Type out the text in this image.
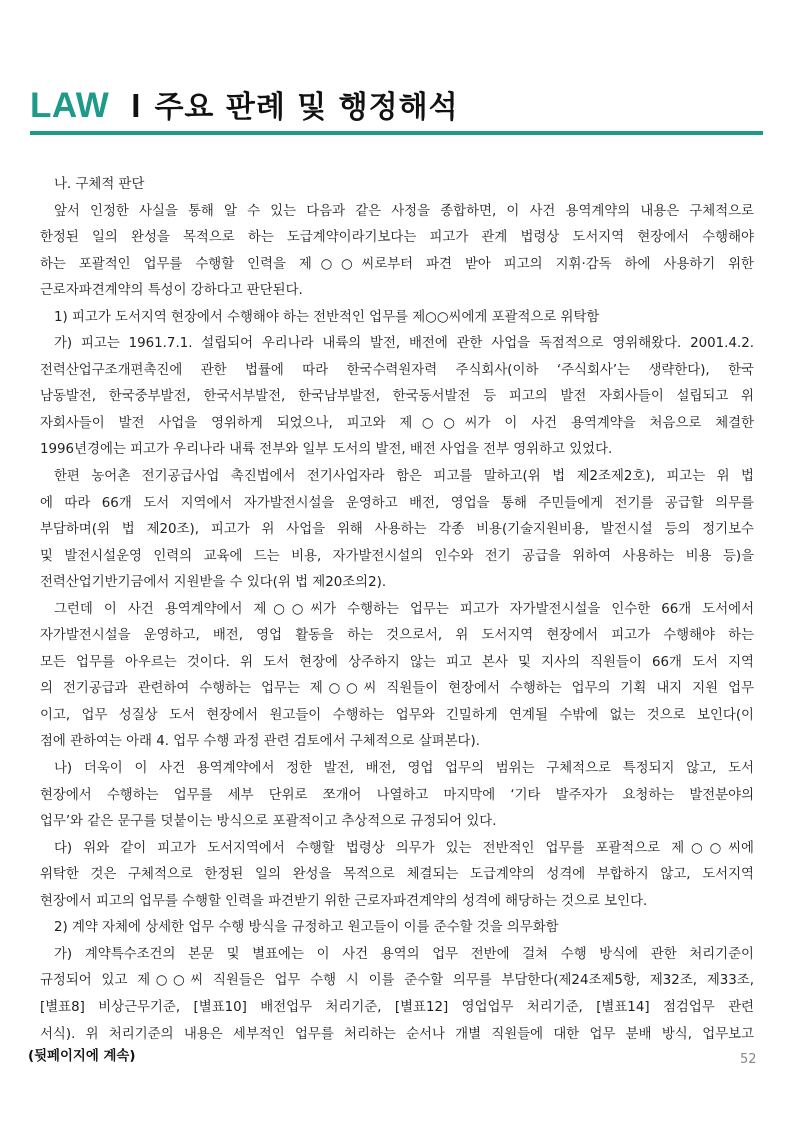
LAW I 주요 판례 및 행정해석
나. 구체적 판단
앞서 인정한 사실을 통해 알 수 있는 다음과 같은 사정을 종합하면, 이 사건 용역계약의 내용은 구체적으로
한정된 일의 완성을 목적으로 하는 도급계약이라기보다는 피고가 관계 법령상 도서지역 현장에서 수행해야
하는 포괄적인 업무를 수행할 인력을 제○○씨로부터 파견 받아 피고의 지휘·감독 하에 사용하기 위한
근로자파견계약의 특성이 강하다고 판단된다.
1) 피고가 도서지역 현장에서 수행해야 하는 전반적인 업무를 제○○씨에게 포괄적으로 위탁함
가) 피고는 1961.7.1. 설립되어 우리나라 내륙의 발전, 배전에 관한 사업을 독점적으로 영위해왔다. 2001.4.2.
전력산업구조개편촉진에 관한 법률에 따라 한국수력원자력 주식회사(이하 ‘주식회사’는 생략한다), 한국
남동발전, 한국중부발전, 한국서부발전, 한국남부발전, 한국동서발전 등 피고의 발전 자회사들이 설립되고 위
자회사들이 발전 사업을 영위하게 되었으나, 피고와 제○○씨가 이 사건 용역계약을 처음으로 체결한
1996년경에는 피고가 우리나라 내륙 전부와 일부 도서의 발전, 배전 사업을 전부 영위하고 있었다.
한편 농어촌 전기공급사업 촉진법에서 전기사업자라 함은 피고를 말하고(위 법 제2조제2호), 피고는 위 법
에 따라 66개 도서 지역에서 자가발전시설을 운영하고 배전, 영업을 통해 주민들에게 전기를 공급할 의무를
부담하며(위 법 제20조), 피고가 위 사업을 위해 사용하는 각종 비용(기술지원비용, 발전시설 등의 정기보수
및 발전시설운영 인력의 교육에 드는 비용, 자가발전시설의 인수와 전기 공급을 위하여 사용하는 비용 등)을
전력산업기반기금에서 지원받을 수 있다(위 법 제20조의2).
그런데 이 사건 용역계약에서 제○○씨가 수행하는 업무는 피고가 자가발전시설을 인수한 66개 도서에서
자가발전시설을 운영하고, 배전, 영업 활동을 하는 것으로서, 위 도서지역 현장에서 피고가 수행해야 하는
모든 업무를 아우르는 것이다. 위 도서 현장에 상주하지 않는 피고 본사 및 지사의 직원들이 66개 도서 지역
의 전기공급과 관련하여 수행하는 업무는 제○○씨 직원들이 현장에서 수행하는 업무의 기획 내지 지원 업무
이고, 업무 성질상 도서 현장에서 원고들이 수행하는 업무와 긴밀하게 연계될 수밖에 없는 것으로 보인다(이
점에 관하여는 아래 4. 업무 수행 과정 관련 검토에서 구체적으로 살펴본다).
나) 더욱이 이 사건 용역계약에서 정한 발전, 배전, 영업 업무의 범위는 구체적으로 특정되지 않고, 도서
현장에서 수행하는 업무를 세부 단위로 쪼개어 나열하고 마지막에 ‘기타 발주자가 요청하는 발전분야의
업무’와 같은 문구를 덧붙이는 방식으로 포괄적이고 추상적으로 규정되어 있다.
다) 위와 같이 피고가 도서지역에서 수행할 법령상 의무가 있는 전반적인 업무를 포괄적으로 제○○씨에
위탁한 것은 구체적으로 한정된 일의 완성을 목적으로 체결되는 도급계약의 성격에 부합하지 않고, 도서지역
현장에서 피고의 업무를 수행할 인력을 파견받기 위한 근로자파견계약의 성격에 해당하는 것으로 보인다.
2) 계약 자체에 상세한 업무 수행 방식을 규정하고 원고들이 이를 준수할 것을 의무화함
가) 계약특수조건의 본문 및 별표에는 이 사건 용역의 업무 전반에 걸쳐 수행 방식에 관한 처리기준이
규정되어 있고 제○○씨 직원들은 업무 수행 시 이를 준수할 의무를 부담한다(제24조제5항, 제32조, 제33조,
[별표8] 비상근무기준, [별표10] 배전업무 처리기준, [별표12] 영업업무 처리기준, [별표14] 점검업무 관련
서식). 위 처리기준의 내용은 세부적인 업무를 처리하는 순서나 개별 직원들에 대한 업무 분배 방식, 업무보고
(뒷페이지에 계속)	52
